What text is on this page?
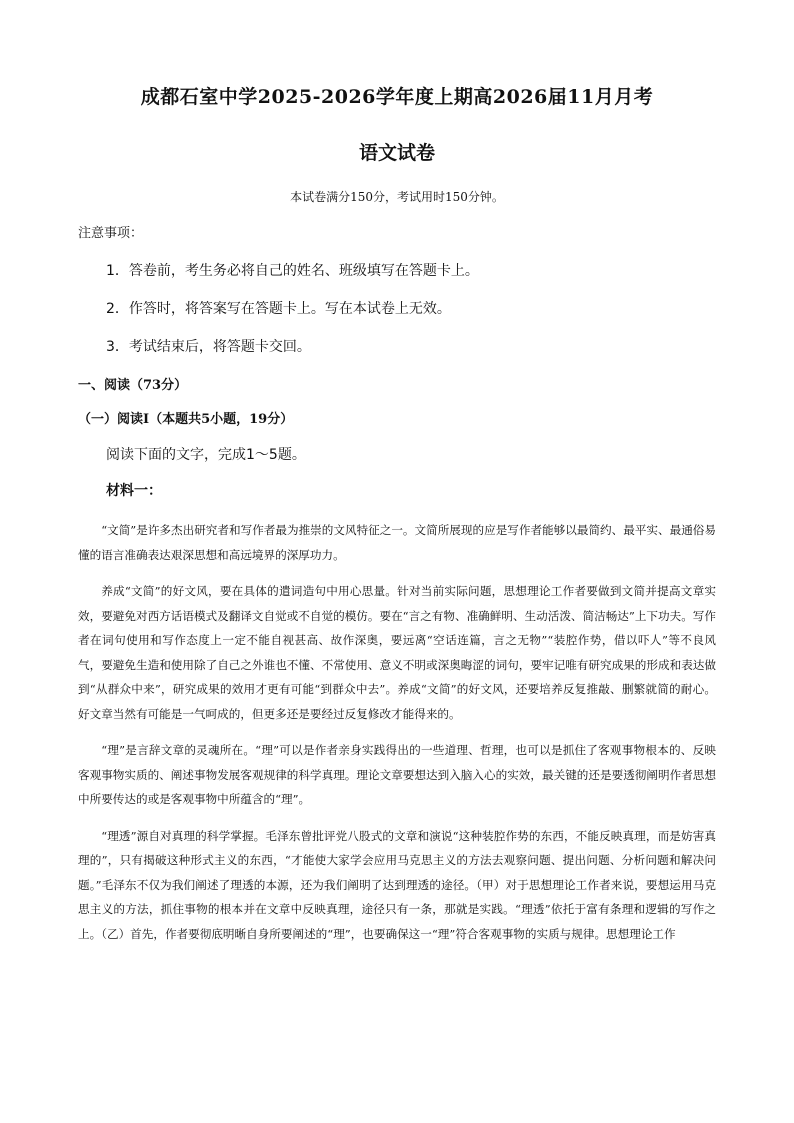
成都石室中学2025-2026学年度上期高2026届11月月考
语文试卷
本试卷满分150分，考试用时150分钟。
注意事项：
1．答卷前，考生务必将自己的姓名、班级填写在答题卡上。
2．作答时，将答案写在答题卡上。写在本试卷上无效。
3．考试结束后，将答题卡交回。
一、阅读（73分）
（一）阅读Ⅰ（本题共5小题，19分）
阅读下面的文字，完成1～5题。
材料一：

“文简”是许多杰出研究者和写作者最为推崇的文风特征之一。文简所展现的应是写作者能够以最简约、最平实、最通俗易懂的语言准确表达艰深思想和高远境界的深厚功力。

养成“文简”的好文风，要在具体的遣词造句中用心思量。针对当前实际问题，思想理论工作者要做到文简并提高文章实效，要避免对西方话语模式及翻译文自觉或不自觉的模仿。要在“言之有物、准确鲜明、生动活泼、简洁畅达”上下功夫。写作者在词句使用和写作态度上一定不能自视甚高、故作深奥，要远离“空话连篇，言之无物”“装腔作势，借以吓人”等不良风气，要避免生造和使用除了自己之外谁也不懂、不常使用、意义不明或深奥晦涩的词句，要牢记唯有研究成果的形成和表达做到“从群众中来”，研究成果的效用才更有可能“到群众中去”。养成“文简”的好文风，还要培养反复推敲、删繁就简的耐心。好文章当然有可能是一气呵成的，但更多还是要经过反复修改才能得来的。

“理”是言辞文章的灵魂所在。“理”可以是作者亲身实践得出的一些道理、哲理，也可以是抓住了客观事物根本的、反映客观事物实质的、阐述事物发展客观规律的科学真理。理论文章要想达到入脑入心的实效，最关键的还是要透彻阐明作者思想中所要传达的或是客观事物中所蕴含的“理”。

“理透”源自对真理的科学掌握。毛泽东曾批评党八股式的文章和演说“这种装腔作势的东西，不能反映真理，而是妨害真理的”，只有揭破这种形式主义的东西，“才能使大家学会应用马克思主义的方法去观察问题、提出问题、分析问题和解决问题。”毛泽东不仅为我们阐述了理透的本源，还为我们阐明了达到理透的途径。（甲）对于思想理论工作者来说，要想运用马克思主义的方法，抓住事物的根本并在文章中反映真理，途径只有一条，那就是实践。“理透”依托于富有条理和逻辑的写作之上。（乙）首先，作者要彻底明晰自身所要阐述的“理”，也要确保这一“理”符合客观事物的实质与规律。思想理论工作
